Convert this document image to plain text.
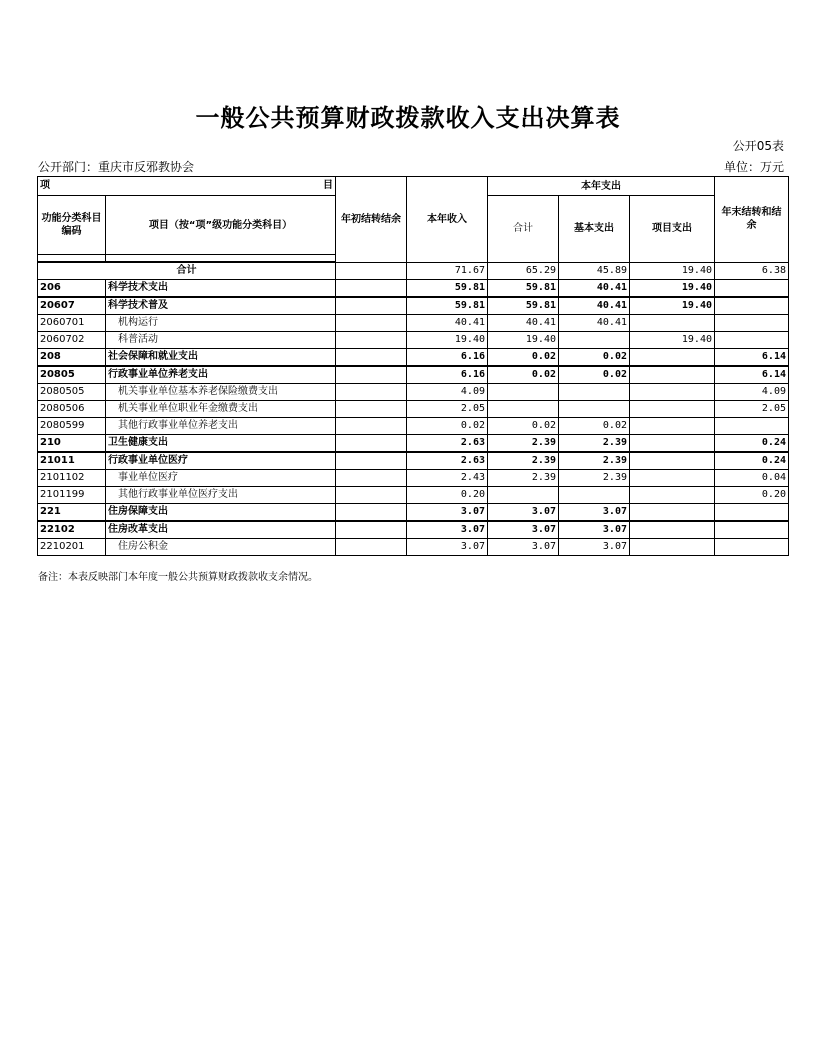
一般公共预算财政拨款收入支出决算表
公开05表
公开部门：重庆市反邪教协会	单位：万元
项 目		年初结转结余	本年收入	本年支出			年末结转和结余
功能分类科目编码	项目（按“项”级功能分类科目）			合计	基本支出	项目支出	

合计			71.67	65.29	45.89	19.40	6.38
206	科学技术支出		59.81	59.81	40.41	19.40	
20607	科学技术普及		59.81	59.81	40.41	19.40	
2060701	机构运行		40.41	40.41	40.41		
2060702	科普活动		19.40	19.40		19.40	
208	社会保障和就业支出		6.16	0.02	0.02		6.14
20805	行政事业单位养老支出		6.16	0.02	0.02		6.14
2080505	机关事业单位基本养老保险缴费支出		4.09				4.09
2080506	机关事业单位职业年金缴费支出		2.05				2.05
2080599	其他行政事业单位养老支出		0.02	0.02	0.02		
210	卫生健康支出		2.63	2.39	2.39		0.24
21011	行政事业单位医疗		2.63	2.39	2.39		0.24
2101102	事业单位医疗		2.43	2.39	2.39		0.04
2101199	其他行政事业单位医疗支出		0.20				0.20
221	住房保障支出		3.07	3.07	3.07		
22102	住房改革支出		3.07	3.07	3.07		
2210201	住房公积金		3.07	3.07	3.07		
备注：本表反映部门本年度一般公共预算财政拨款收支余情况。
